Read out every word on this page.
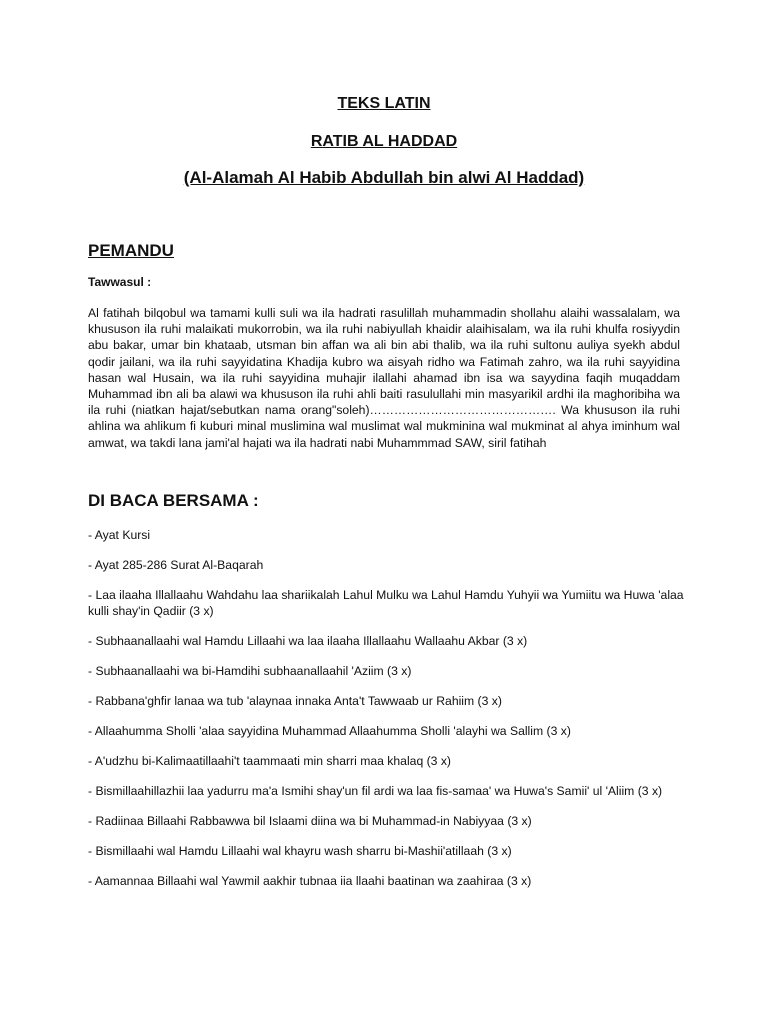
TEKS LATIN
RATIB AL HADDAD
(Al-Alamah Al Habib Abdullah bin alwi Al Haddad)
PEMANDU

Tawwasul :

Al fatihah bilqobul wa tamami kulli suli wa ila hadrati rasulillah muhammadin shollahu alaihi wassalalam, wa khususon ila ruhi malaikati mukorrobin, wa ila ruhi nabiyullah khaidir alaihisalam, wa ila ruhi khulfa rosiyydin abu bakar, umar bin khataab, utsman bin affan wa ali bin abi thalib, wa ila ruhi sultonu auliya syekh abdul qodir jailani, wa ila ruhi sayyidatina Khadija kubro wa aisyah ridho wa Fatimah zahro, wa ila ruhi sayyidina hasan wal Husain, wa ila ruhi sayyidina muhajir ilallahi ahamad ibn isa wa sayydina faqih muqaddam Muhammad ibn ali ba alawi wa khususon ila ruhi ahli baiti rasulullahi min masyarikil ardhi ila maghoribiha wa ila ruhi (niatkan hajat/sebutkan nama orang"soleh)………………………………………. Wa khususon ila ruhi ahlina wa ahlikum fi kuburi minal muslimina wal muslimat wal mukminina wal mukminat al ahya iminhum wal amwat, wa takdi lana jami'al hajati wa ila hadrati nabi Muhammmad SAW, siril fatihah

DI BACA BERSAMA :
- Ayat Kursi
- Ayat 285-286 Surat Al-Baqarah
- Laa ilaaha Illallaahu Wahdahu laa shariikalah Lahul Mulku wa Lahul Hamdu Yuhyii wa Yumiitu wa Huwa 'alaa kulli shay'in Qadiir (3 x)
- Subhaanallaahi wal Hamdu Lillaahi wa laa ilaaha Illallaahu Wallaahu Akbar (3 x)
- Subhaanallaahi wa bi-Hamdihi subhaanallaahil 'Aziim (3 x)
- Rabbana'ghfir lanaa wa tub 'alaynaa innaka Anta't Tawwaab ur Rahiim (3 x)
- Allaahumma Sholli 'alaa sayyidina Muhammad Allaahumma Sholli 'alayhi wa Sallim (3 x)
- A'udzhu bi-Kalimaatillaahi't taammaati min sharri maa khalaq (3 x)
- Bismillaahillazhii laa yadurru ma'a Ismihi shay'un fil ardi wa laa fis-samaa' wa Huwa's Samii' ul 'Aliim (3 x)
- Radiinaa Billaahi Rabbawwa bil Islaami diina wa bi Muhammad-in Nabiyyaa (3 x)
- Bismillaahi wal Hamdu Lillaahi wal khayru wash sharru bi-Mashii'atillaah (3 x)
- Aamannaa Billaahi wal Yawmil aakhir tubnaa iia llaahi baatinan wa zaahiraa (3 x)
